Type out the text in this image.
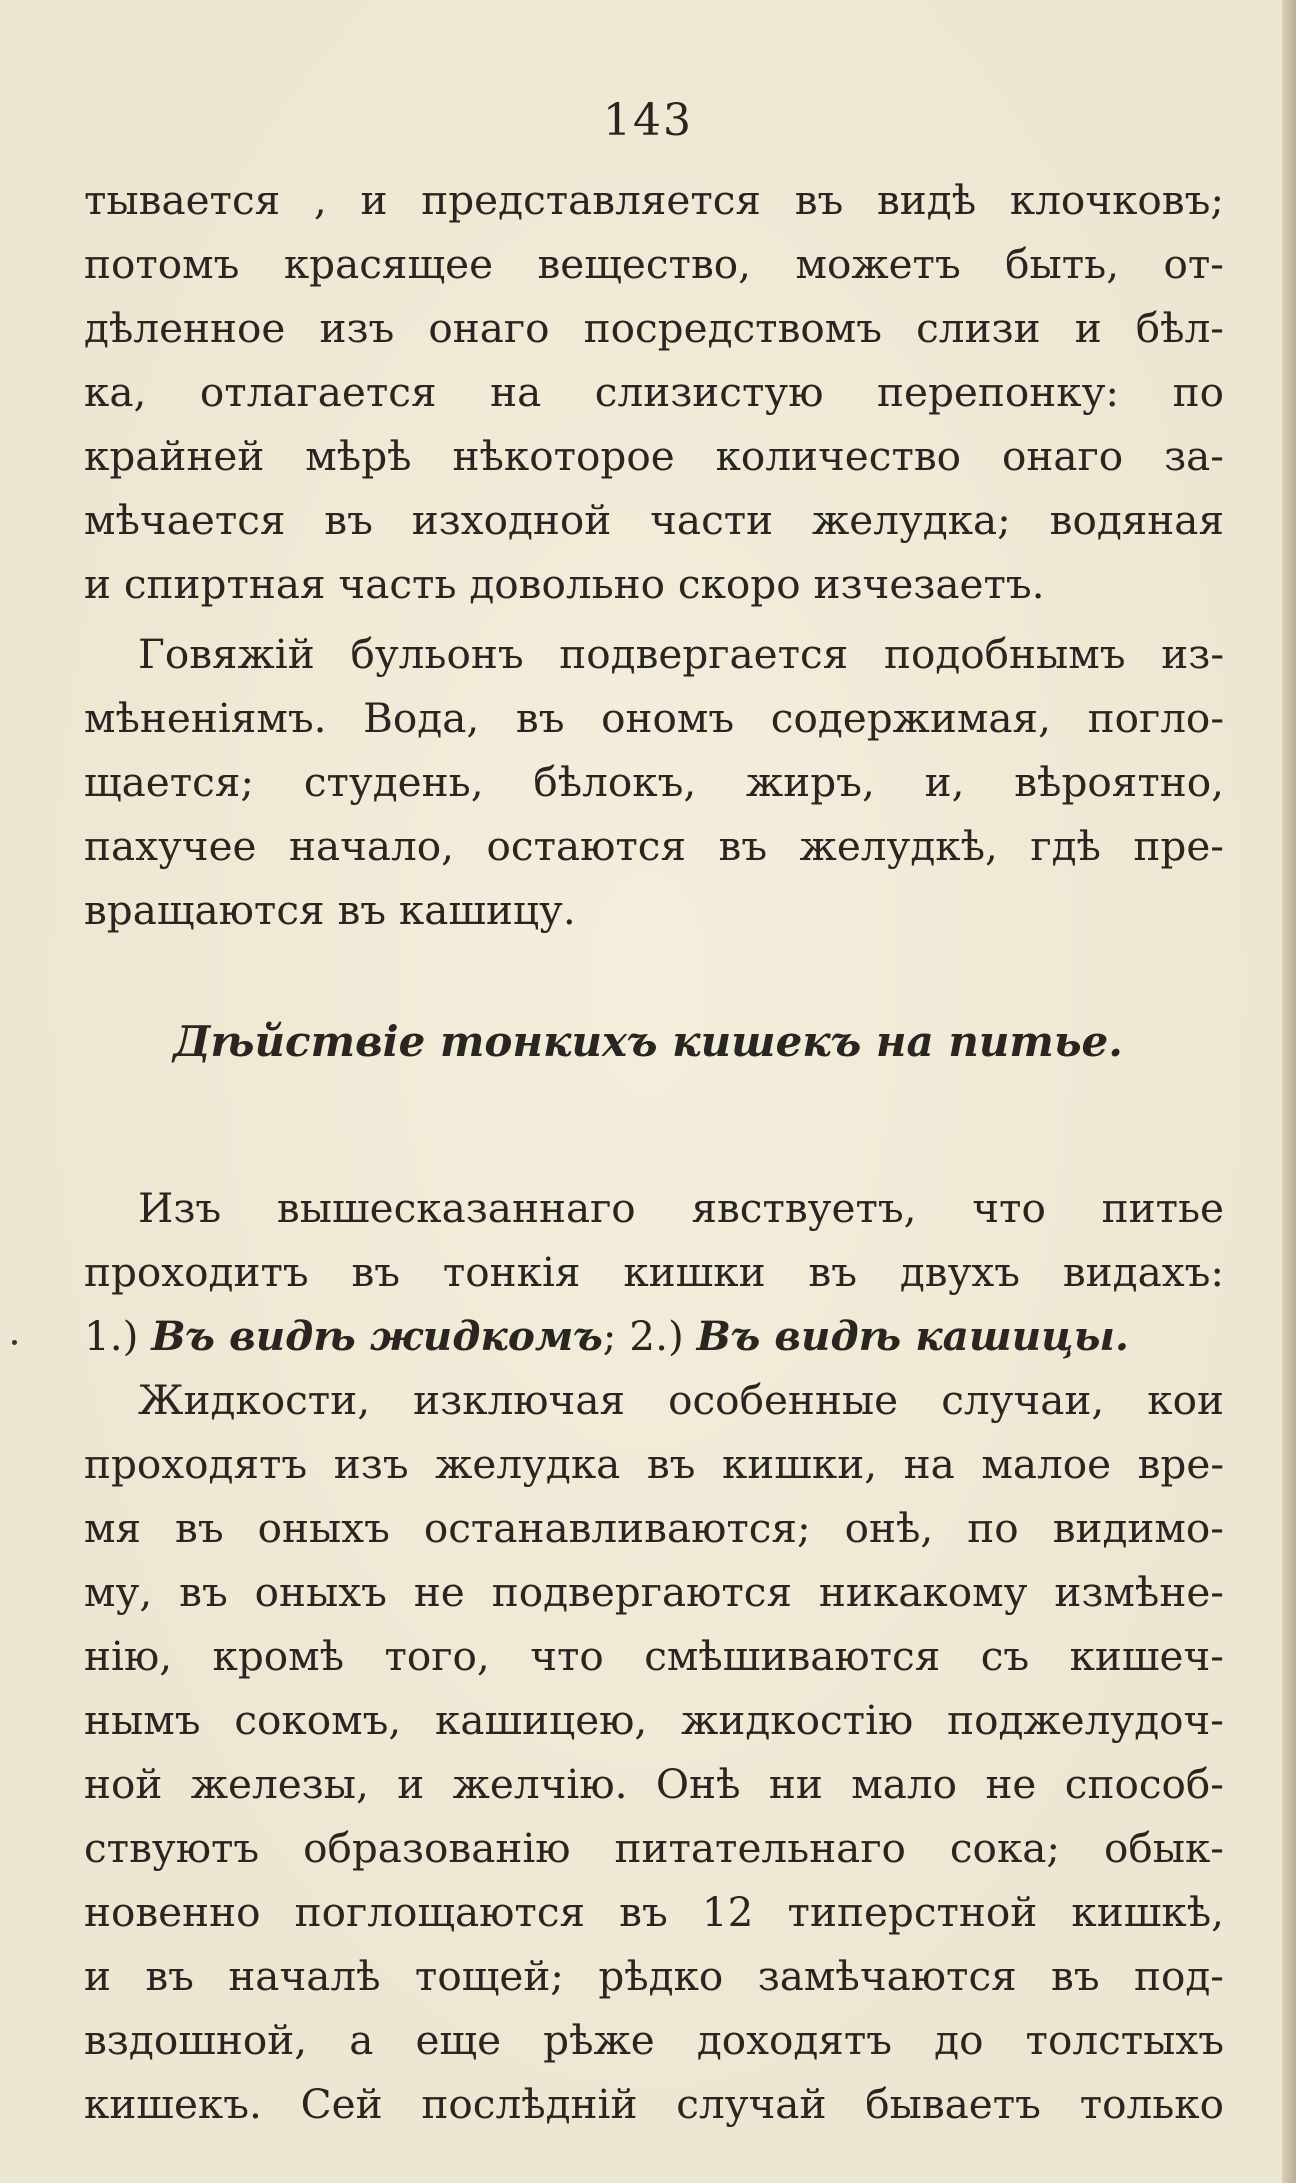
143
тывается , и представляется въ видѣ клочковъ;
потомъ красящее вещество, можетъ быть, от-
дѣленное изъ онаго посредствомъ слизи и бѣл-
ка, отлагается на слизистую перепонку: по
крайней мѣрѣ нѣкоторое количество онаго за-
мѣчается въ изходной части желудка; водяная
и спиртная часть довольно скоро изчезаетъ.
Говяжій бульонъ подвергается подобнымъ из-
мѣненіямъ. Вода, въ ономъ содержимая, погло-
щается; студень, бѣлокъ, жиръ, и, вѣроятно,
пахучее начало, остаются въ желудкѣ, гдѣ пре-
вращаются въ кашицу.
Дѣйствіе тонкихъ кишекъ на питье.
Изъ вышесказаннаго явствуетъ, что питье
проходитъ въ тонкія кишки въ двухъ видахъ:
1.) Въ видѣ жидкомъ; 2.) Въ видѣ кашицы.
Жидкости, изключая особенные случаи, кои
проходятъ изъ желудка въ кишки, на малое вре-
мя въ оныхъ останавливаются; онѣ, по видимо-
му, въ оныхъ не подвергаются никакому измѣне-
нію, кромѣ того, что смѣшиваются съ кишеч-
нымъ сокомъ, кашицею, жидкостію поджелудоч-
ной железы, и желчію. Онѣ ни мало не способ-
ствуютъ образованію питательнаго сока; обык-
новенно поглощаются въ 12 типерстной кишкѣ,
и въ началѣ тощей; рѣдко замѣчаются въ под-
вздошной, а еще рѣже доходятъ до толстыхъ
кишекъ. Сей послѣдній случай бываетъ только
